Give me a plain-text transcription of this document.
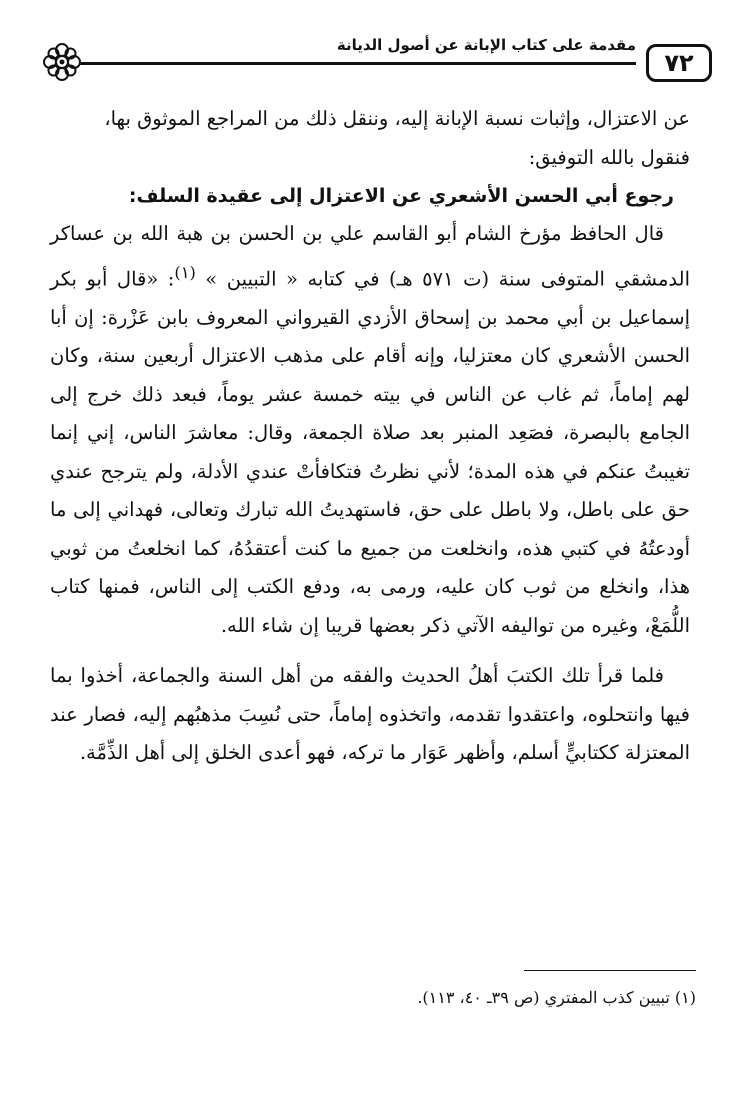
٧٢
مقدمة على كتاب الإبانة عن أصول الديانة

عن الاعتزال، وإثبات نسبة الإبانة إليه، وننقل ذلك من المراجع الموثوق بها،

فنقول بالله التوفيق:

رجوع أبي الحسن الأشعري عن الاعتزال إلى عقيدة السلف:

قال الحافظ مؤرخ الشام أبو القاسم علي بن الحسن بن هبة الله بن عساكر الدمشقي المتوفى سنة (ت ٥٧١ هـ) في كتابه « التبيين » $^{(١)}$: «قال أبو بكر إسماعيل بن أبي محمد بن إسحاق الأزدي القيرواني المعروف بابن عَزْرة: إن أبا الحسن الأشعري كان معتزليا، وإنه أقام على مذهب الاعتزال أربعين سنة، وكان لهم إماماً، ثم غاب عن الناس في بيته خمسة عشر يوماً، فبعد ذلك خرج إلى الجامع بالبصرة، فصَعِد المنبر بعد صلاة الجمعة، وقال: معاشرَ الناس، إني إنما تغيبتُ عنكم في هذه المدة؛ لأني نظرتُ فتكافأتْ عندي الأدلة، ولم يترجح عندي حق على باطل، ولا باطل على حق، فاستهديتُ الله تبارك وتعالى، فهداني إلى ما أودعتُهُ في كتبي هذه، وانخلعت من جميع ما كنت أعتقدُهُ، كما انخلعتُ من ثوبي هذا، وانخلع من ثوب كان عليه، ورمى به، ودفع الكتب إلى الناس، فمنها كتاب اللُّمَعْ، وغيره من تواليفه الآتي ذكر بعضها قريبا إن شاء الله.

فلما قرأ تلك الكتبَ أهلُ الحديث والفقه من أهل السنة والجماعة، أخذوا بما فيها وانتحلوه، واعتقدوا تقدمه، واتخذوه إماماً، حتى نُسِبَ مذهبُهم إليه، فصار عند المعتزلة ككتابيٍّ أسلم، وأظهر عَوَار ما تركه، فهو أعدى الخلق إلى أهل الذِّمَّة.

(١) تبيين كذب المفتري (ص ٣٩ـ ٤٠، ١١٣).
